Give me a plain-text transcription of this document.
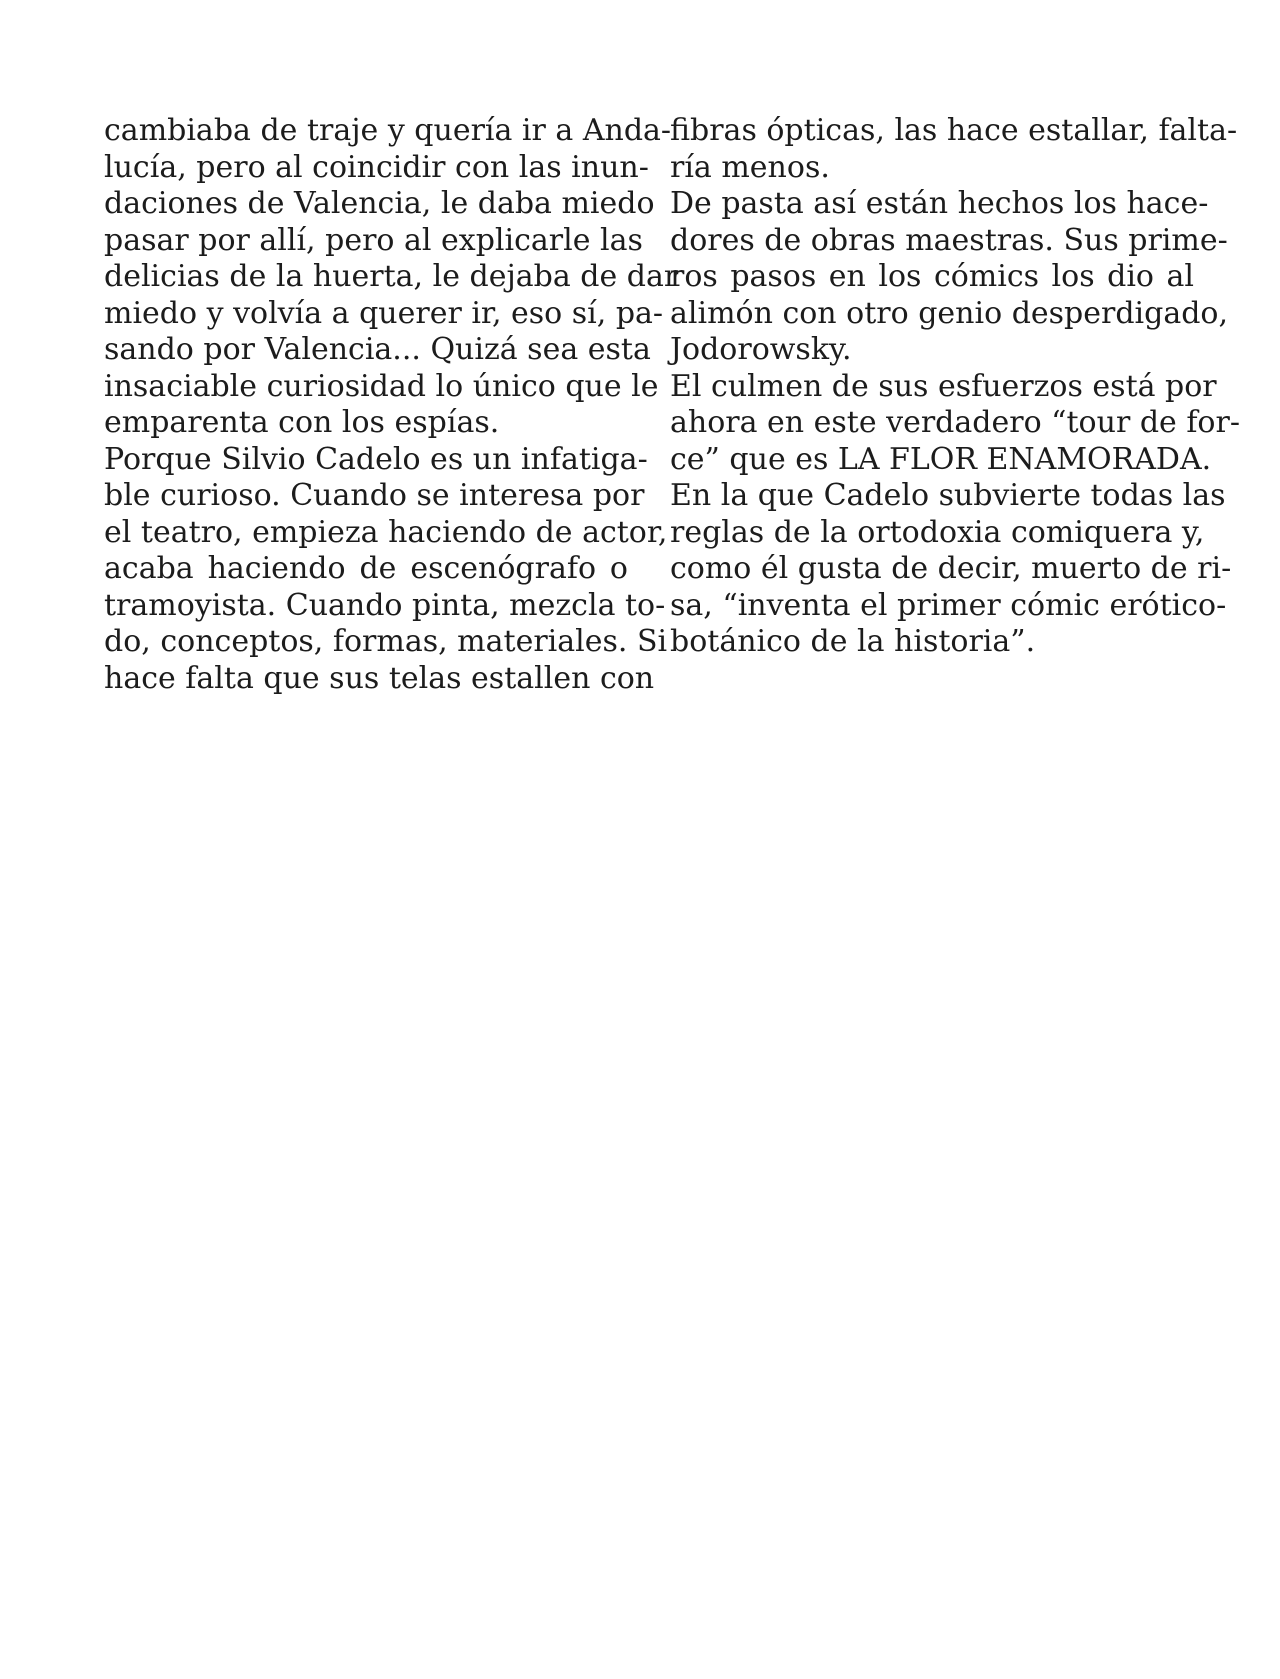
cambiaba de traje y quería ir a Anda-
lucía, pero al coincidir con las inun-
daciones de Valencia, le daba miedo
pasar por allí, pero al explicarle las
delicias de la huerta, le dejaba de dar
miedo y volvía a querer ir, eso sí, pa-
sando por Valencia... Quizá sea esta
insaciable curiosidad lo único que le
emparenta con los espías.
Porque Silvio Cadelo es un infatiga-
ble curioso. Cuando se interesa por
el teatro, empieza haciendo de actor,
acaba haciendo de escenógrafo o
tramoyista. Cuando pinta, mezcla to-
do, conceptos, formas, materiales. Si
hace falta que sus telas estallen con
fibras ópticas, las hace estallar, falta-
ría menos.
De pasta así están hechos los hace-
dores de obras maestras. Sus prime-
ros pasos en los cómics los dio al
alimón con otro genio desperdigado,
Jodorowsky.
El culmen de sus esfuerzos está por
ahora en este verdadero “tour de for-
ce” que es LA FLOR ENAMORADA.
En la que Cadelo subvierte todas las
reglas de la ortodoxia comiquera y,
como él gusta de decir, muerto de ri-
sa, “inventa el primer cómic erótico-
botánico de la historia”.
